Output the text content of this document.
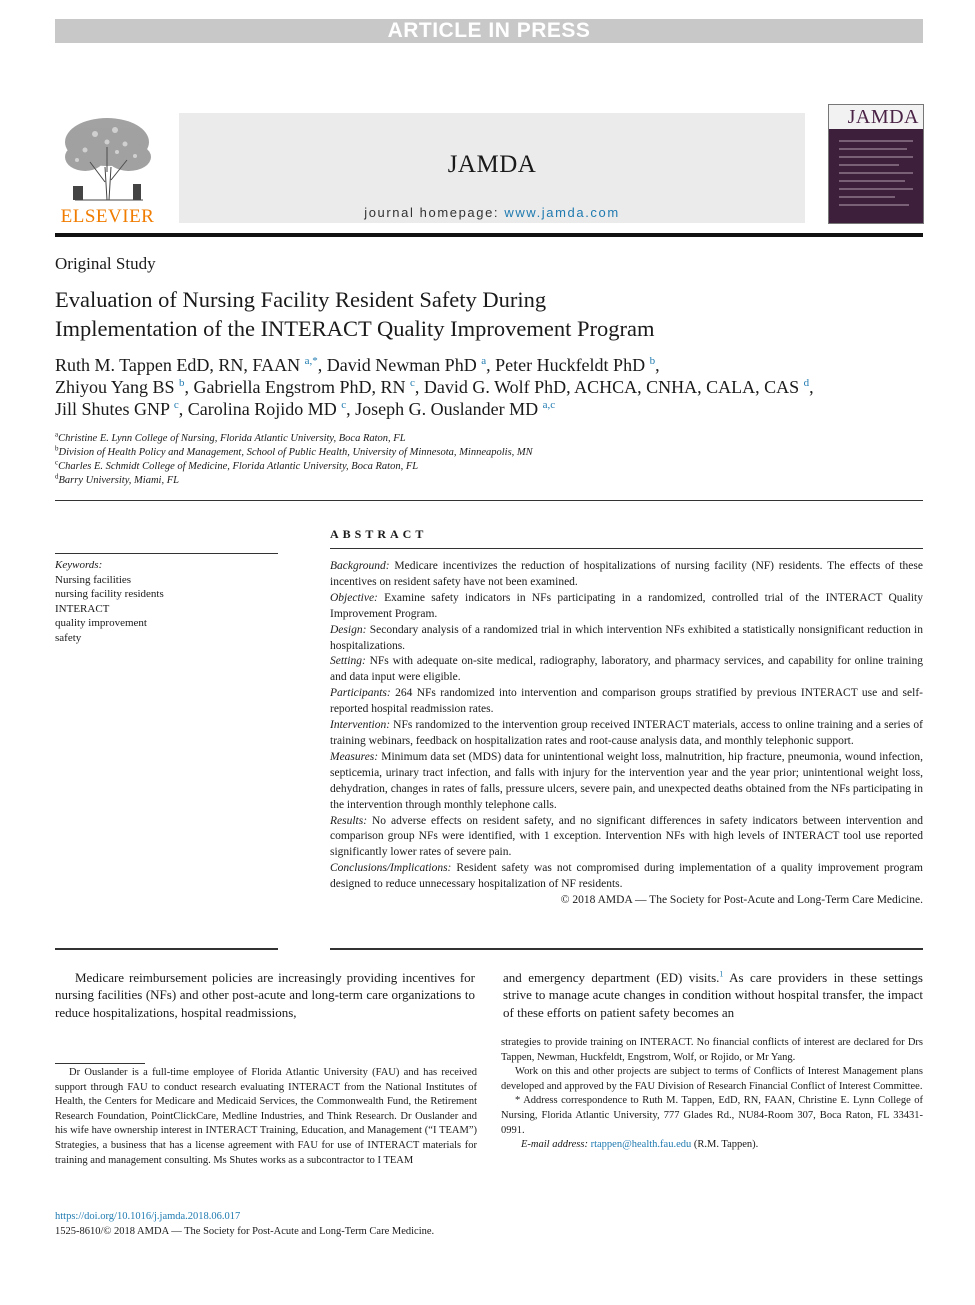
ARTICLE IN PRESS
ELSEVIER
JAMDA
journal homepage: www.jamda.com
JAMDA
Original Study
Evaluation of Nursing Facility Resident Safety During
Implementation of the INTERACT Quality Improvement Program
Ruth M. Tappen EdD, RN, FAAN $^{a,*}$, David Newman PhD $^a$, Peter Huckfeldt PhD $^b$,
Zhiyou Yang BS $^b$, Gabriella Engstrom PhD, RN $^c$, David G. Wolf PhD, ACHCA, CNHA, CALA, CAS $^d$,
Jill Shutes GNP $^c$, Carolina Rojido MD $^c$, Joseph G. Ouslander MD $^{a,c}$
$^a$Christine E. Lynn College of Nursing, Florida Atlantic University, Boca Raton, FL
$^b$Division of Health Policy and Management, School of Public Health, University of Minnesota, Minneapolis, MN
$^c$Charles E. Schmidt College of Medicine, Florida Atlantic University, Boca Raton, FL
$^d$Barry University, Miami, FL
ABSTRACT
Keywords:
Nursing facilities
nursing facility residents
INTERACT
quality improvement
safety

Background: Medicare incentivizes the reduction of hospitalizations of nursing facility (NF) residents. The effects of these incentives on resident safety have not been examined.

Objective: Examine safety indicators in NFs participating in a randomized, controlled trial of the INTERACT Quality Improvement Program.

Design: Secondary analysis of a randomized trial in which intervention NFs exhibited a statistically nonsignificant reduction in hospitalizations.

Setting: NFs with adequate on-site medical, radiography, laboratory, and pharmacy services, and capability for online training and data input were eligible.

Participants: 264 NFs randomized into intervention and comparison groups stratified by previous INTERACT use and self-reported hospital readmission rates.

Intervention: NFs randomized to the intervention group received INTERACT materials, access to online training and a series of training webinars, feedback on hospitalization rates and root-cause analysis data, and monthly telephonic support.

Measures: Minimum data set (MDS) data for unintentional weight loss, malnutrition, hip fracture, pneumonia, wound infection, septicemia, urinary tract infection, and falls with injury for the intervention year and the year prior; unintentional weight loss, dehydration, changes in rates of falls, pressure ulcers, severe pain, and unexpected deaths obtained from the NFs participating in the intervention through monthly telephone calls.

Results: No adverse effects on resident safety, and no significant differences in safety indicators between intervention and comparison group NFs were identified, with 1 exception. Intervention NFs with high levels of INTERACT tool use reported significantly lower rates of severe pain.

Conclusions/Implications: Resident safety was not compromised during implementation of a quality improvement program designed to reduce unnecessary hospitalization of NF residents.

© 2018 AMDA — The Society for Post-Acute and Long-Term Care Medicine.

Medicare reimbursement policies are increasingly providing incentives for nursing facilities (NFs) and other post-acute and long-term care organizations to reduce hospitalizations, hospital readmissions,

and emergency department (ED) visits.$^1$ As care providers in these settings strive to manage acute changes in condition without hospital transfer, the impact of these efforts on patient safety becomes an

Dr Ouslander is a full-time employee of Florida Atlantic University (FAU) and has received support through FAU to conduct research evaluating INTERACT from the National Institutes of Health, the Centers for Medicare and Medicaid Services, the Commonwealth Fund, the Retirement Research Foundation, PointClickCare, Medline Industries, and Think Research. Dr Ouslander and his wife have ownership interest in INTERACT Training, Education, and Management (“I TEAM”) Strategies, a business that has a license agreement with FAU for use of INTERACT materials for training and management consulting. Ms Shutes works as a subcontractor to I TEAM

strategies to provide training on INTERACT. No financial conflicts of interest are declared for Drs Tappen, Newman, Huckfeldt, Engstrom, Wolf, or Rojido, or Mr Yang.

Work on this and other projects are subject to terms of Conflicts of Interest Management plans developed and approved by the FAU Division of Research Financial Conflict of Interest Committee.

* Address correspondence to Ruth M. Tappen, EdD, RN, FAAN, Christine E. Lynn College of Nursing, Florida Atlantic University, 777 Glades Rd., NU84-Room 307, Boca Raton, FL 33431-0991.

E-mail address: rtappen@health.fau.edu (R.M. Tappen).

https://doi.org/10.1016/j.jamda.2018.06.017
1525-8610/© 2018 AMDA — The Society for Post-Acute and Long-Term Care Medicine.
